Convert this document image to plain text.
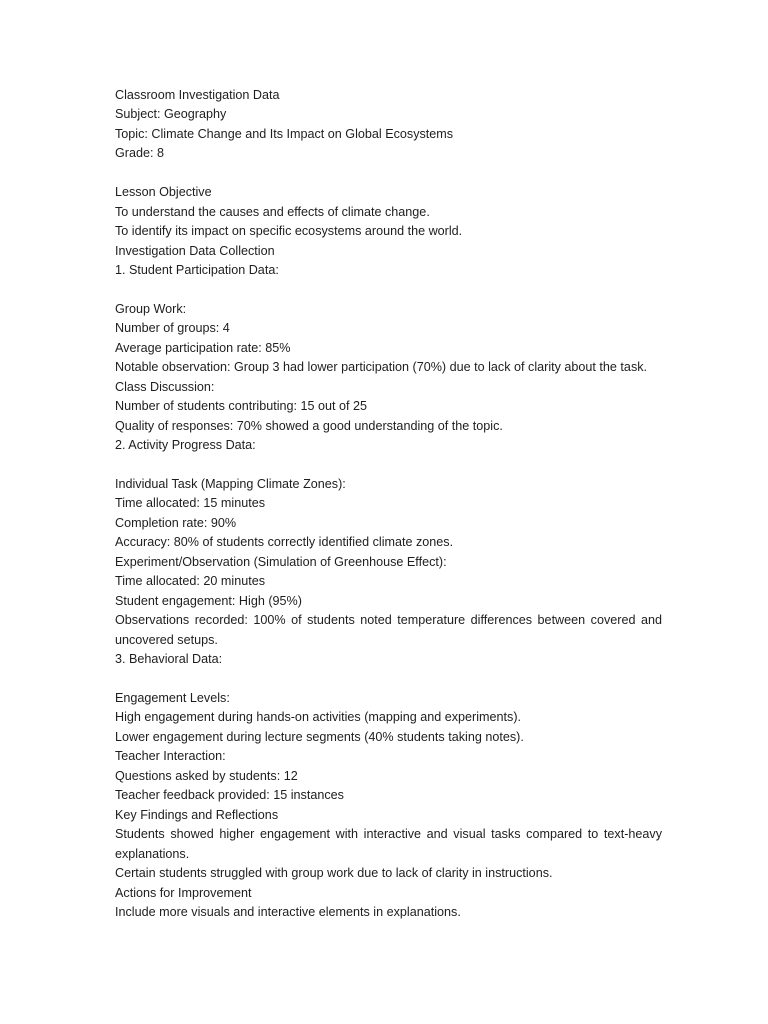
Classroom Investigation Data
Subject: Geography
Topic: Climate Change and Its Impact on Global Ecosystems
Grade: 8
Lesson Objective
To understand the causes and effects of climate change.
To identify its impact on specific ecosystems around the world.
Investigation Data Collection
1. Student Participation Data:
Group Work:
Number of groups: 4
Average participation rate: 85%
Notable observation: Group 3 had lower participation (70%) due to lack of clarity about the task.
Class Discussion:
Number of students contributing: 15 out of 25
Quality of responses: 70% showed a good understanding of the topic.
2. Activity Progress Data:
Individual Task (Mapping Climate Zones):
Time allocated: 15 minutes
Completion rate: 90%
Accuracy: 80% of students correctly identified climate zones.
Experiment/Observation (Simulation of Greenhouse Effect):
Time allocated: 20 minutes
Student engagement: High (95%)
Observations recorded: 100% of students noted temperature differences between covered and uncovered setups.
3. Behavioral Data:
Engagement Levels:
High engagement during hands-on activities (mapping and experiments).
Lower engagement during lecture segments (40% students taking notes).
Teacher Interaction:
Questions asked by students: 12
Teacher feedback provided: 15 instances
Key Findings and Reflections
Students showed higher engagement with interactive and visual tasks compared to text-heavy explanations.
Certain students struggled with group work due to lack of clarity in instructions.
Actions for Improvement
Include more visuals and interactive elements in explanations.
